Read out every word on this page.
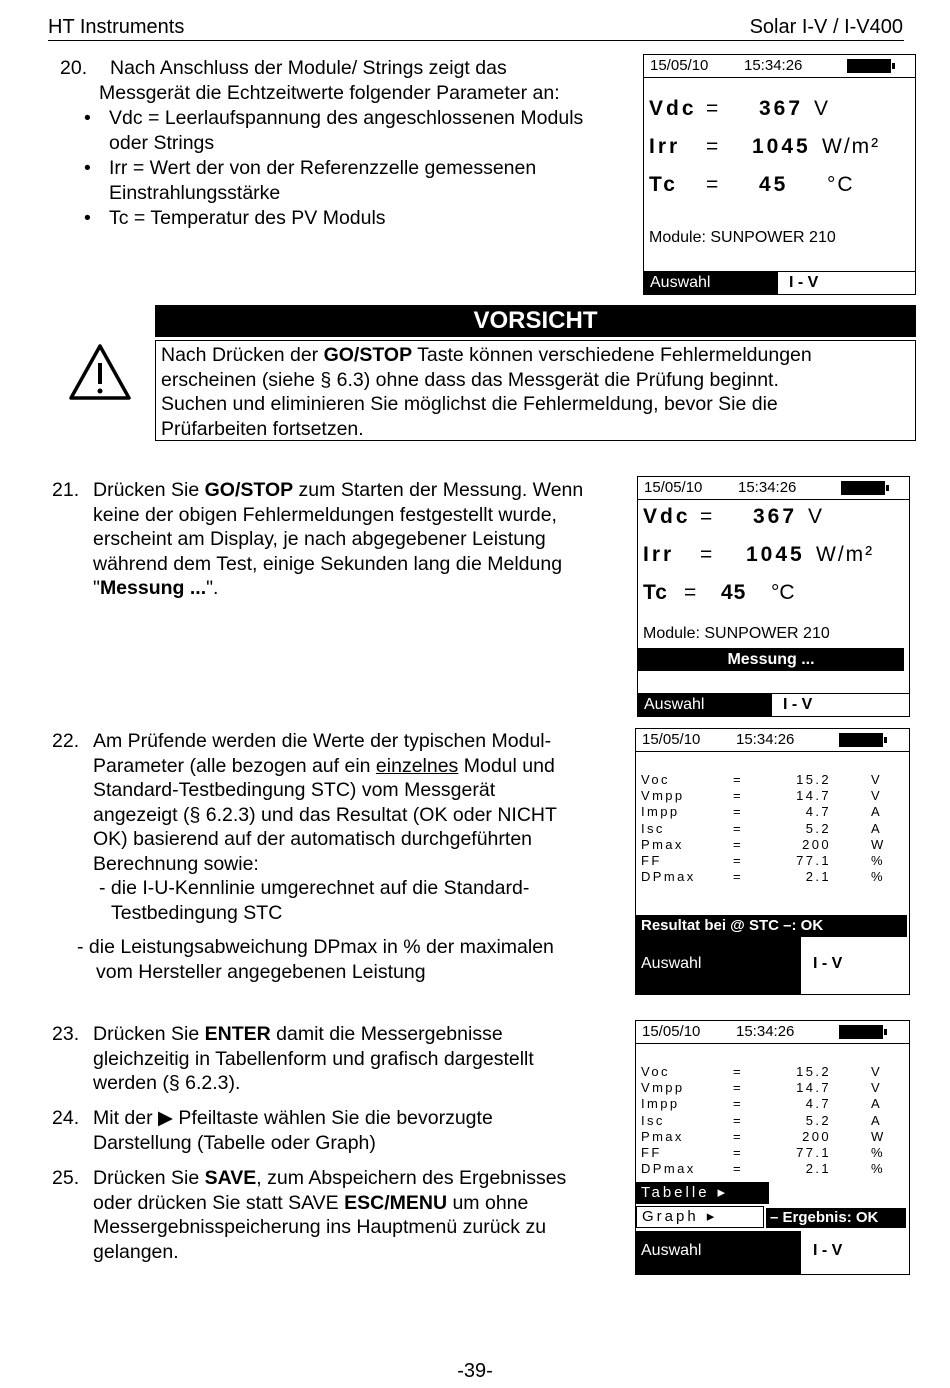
HT Instruments	Solar I-V / I-V400
20. Nach Anschluss der Module/ Strings zeigt das
Messgerät die Echtzeitwerte folgender Parameter an:
• Vdc = Leerlaufspannung des angeschlossenen Moduls
oder Strings
• Irr = Wert der von der Referenzzelle gemessenen
Einstrahlungsstärke
• Tc = Temperatur des PV Moduls
15/05/10 15:34:26
Vdc = 367 V
Irr = 1045 W/m²
Tc = 45 °C
Module: SUNPOWER 210
Auswahl	I - V
VORSICHT
Nach Drücken der GO/STOP Taste können verschiedene Fehlermeldungen
erscheinen (siehe § 6.3) ohne dass das Messgerät die Prüfung beginnt.
Suchen und eliminieren Sie möglichst die Fehlermeldung, bevor Sie die
Prüfarbeiten fortsetzen.
21. Drücken Sie GO/STOP zum Starten der Messung. Wenn
keine der obigen Fehlermeldungen festgestellt wurde,
erscheint am Display, je nach abgegebener Leistung
während dem Test, einige Sekunden lang die Meldung
"Messung ...".
15/05/10 15:34:26
Vdc = 367 V
Irr = 1045 W/m²
Tc = 45 °C
Module: SUNPOWER 210
Messung ...
Auswahl	I - V
22. Am Prüfende werden die Werte der typischen Modul-
Parameter (alle bezogen auf ein einzelnes Modul und
Standard-Testbedingung STC) vom Messgerät
angezeigt (§ 6.2.3) und das Resultat (OK oder NICHT
OK) basierend auf der automatisch durchgeführten
Berechnung sowie:
- die I-U-Kennlinie umgerechnet auf die Standard-
Testbedingung STC
- die Leistungsabweichung DPmax in % der maximalen
vom Hersteller angegebenen Leistung
15/05/10 15:34:26
Voc	=	15.2	V
Vmpp	=	14.7	V
Impp	=	4.7	A
Isc	=	5.2	A
Pmax	=	200	W
FF	=	77.1	%
DPmax	=	2.1	%
Resultat bei @ STC –: OK
Auswahl	I - V
23. Drücken Sie ENTER damit die Messergebnisse
gleichzeitig in Tabellenform und grafisch dargestellt
werden (§ 6.2.3).
24. Mit der ▶ Pfeiltaste wählen Sie die bevorzugte
Darstellung (Tabelle oder Graph)
25. Drücken Sie SAVE, zum Abspeichern des Ergebnisses
oder drücken Sie statt SAVE ESC/MENU um ohne
Messergebnisspeicherung ins Hauptmenü zurück zu
gelangen.
15/05/10 15:34:26
Voc	=	15.2	V
Vmpp	=	14.7	V
Impp	=	4.7	A
Isc	=	5.2	A
Pmax	=	200	W
FF	=	77.1	%
DPmax	=	2.1	%
Tabelle ▸
Graph ▸	– Ergebnis: OK
Auswahl	I - V
-39-
